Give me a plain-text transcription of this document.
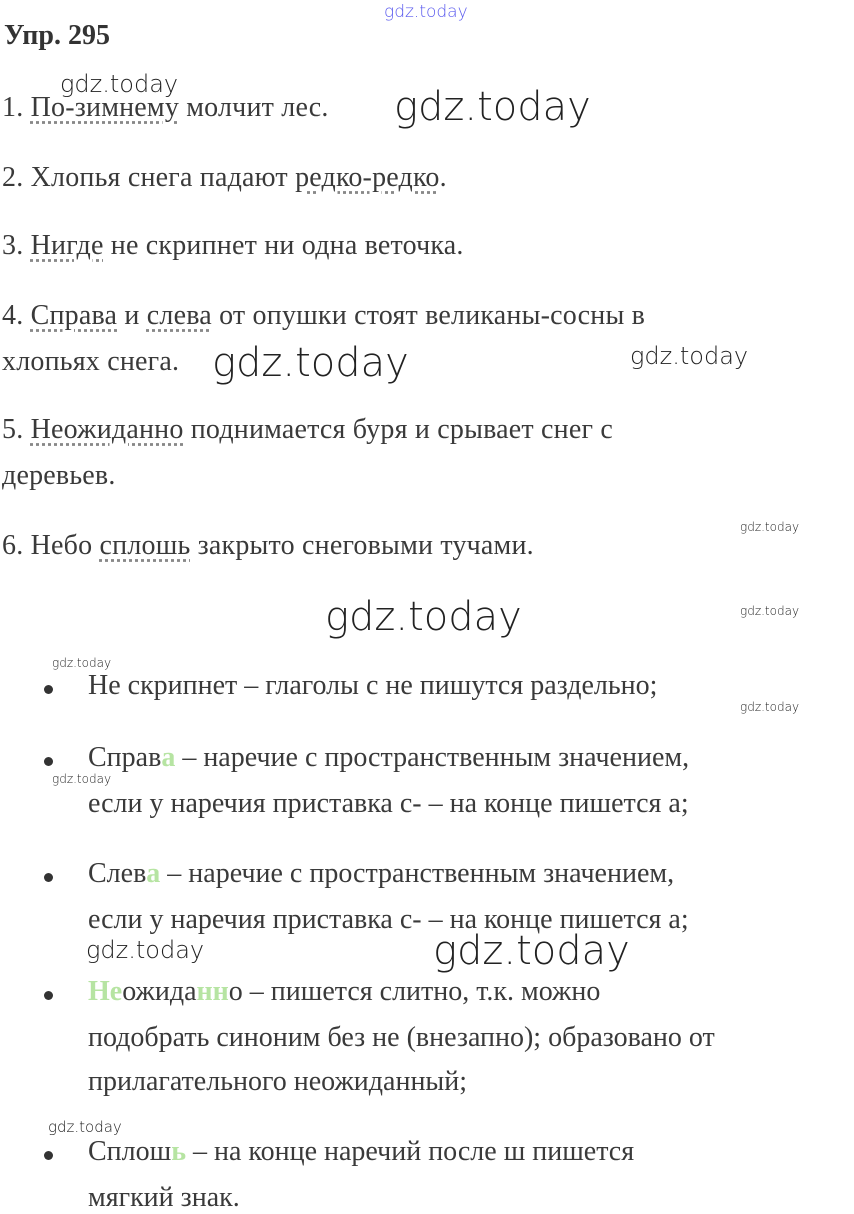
gdz.today
gdz.today	gdz.today
gdz.today	gdz.today
gdz.today
gdz.today	gdz.today
gdz.today
gdz.today
gdz.today
gdz.today	gdz.today
gdz.today
Упр. 295
1. По-зимнему молчит лес.
2. Хлопья снега падают редко-редко.
3. Нигде не скрипнет ни одна веточка.
4. Справа и слева от опушки стоят великаны-сосны в
хлопьях снега.
5. Неожиданно поднимается буря и срывает снег с
деревьев.
6. Небо сплошь закрыто снеговыми тучами.
Не скрипнет – глаголы с не пишутся раздельно;
Справа – наречие с пространственным значением,
если у наречия приставка с- – на конце пишется а;
Слева – наречие с пространственным значением,
если у наречия приставка с- – на конце пишется а;
Неожиданно – пишется слитно, т.к. можно
подобрать синоним без не (внезапно); образовано от
прилагательного неожиданный;
Сплошь – на конце наречий после ш пишется
мягкий знак.
